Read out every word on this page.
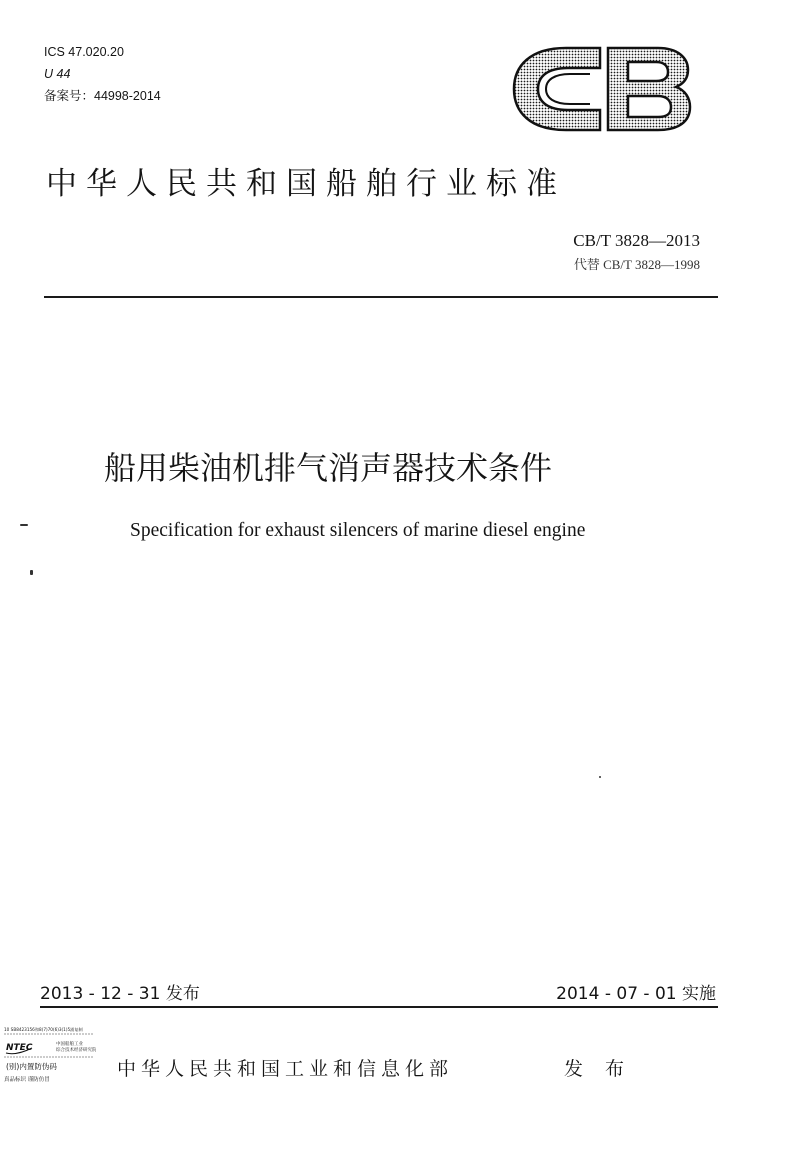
ICS 47.020.20
U 44
备案号：44998-2014
中华人民共和国船舶行业标准
CB/T 3828—2013
代替 CB/T 3828—1998
船用柴油机排气消声器技术条件
Specification for exhaust silencers of marine diesel engine
2013 - 12 - 31 发布	2014 - 07 - 01 实施
10 SB8423156和8(7)70(6)3(1)5浦复制
NTEC	中国船舶工业
综合技术经济研究院
(别)内置防伪码
真品标识 谨防仿冒	中华人民共和国工业和信息化部	发 布
